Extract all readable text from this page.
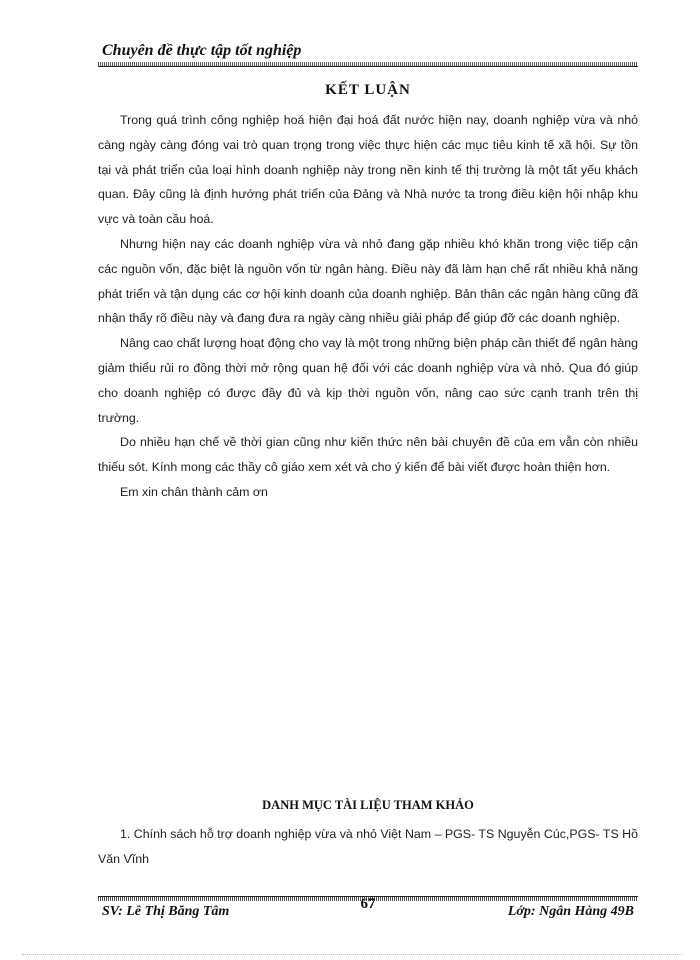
Chuyên đề thực tập tốt nghiệp
KẾT LUẬN

Trong quá trình công nghiệp hoá hiện đại hoá đất nước hiện nay, doanh nghiệp vừa và nhỏ càng ngày càng đóng vai trò quan trọng trong việc thực hiện các mục tiêu kinh tế xã hội. Sự tồn tại và phát triển của loại hình doanh nghiệp này trong nền kinh tế thị trường là một tất yếu khách quan. Đây cũng là định hướng phát triển của Đảng và Nhà nước ta trong điều kiện hội nhập khu vực và toàn cầu hoá.

Nhưng hiện nay các doanh nghiệp vừa và nhỏ đang gặp nhiều khó khăn trong việc tiếp cận các nguồn vốn, đặc biệt là nguồn vốn từ ngân hàng. Điều này đã làm hạn chế rất nhiều khả năng phát triển và tận dụng các cơ hội kinh doanh của doanh nghiệp. Bản thân các ngân hàng cũng đã nhận thấy rõ điều này và đang đưa ra ngày càng nhiều giải pháp để giúp đỡ các doanh nghiệp.

Nâng cao chất lượng hoạt động cho vay là một trong những biện pháp cần thiết để ngân hàng giảm thiểu rủi ro đồng thời mở rộng quan hệ đối với các doanh nghiệp vừa và nhỏ. Qua đó giúp cho doanh nghiệp có được đầy đủ và kịp thời nguồn vốn, nâng cao sức cạnh tranh trên thị trường.

Do nhiều hạn chế về thời gian cũng như kiến thức nên bài chuyên đề của em vẫn còn nhiều thiếu sót. Kính mong các thầy cô giáo xem xét và cho ý kiến để bài viết được hoàn thiện hơn.

Em xin chân thành cảm ơn

DANH MỤC TÀI LIỆU THAM KHẢO

1. Chính sách hỗ trợ doanh nghiệp vừa và nhỏ Việt Nam – PGS- TS Nguyễn Cúc,PGS- TS Hồ Văn Vĩnh

SV: Lê Thị Băng Tâm	67	Lớp: Ngân Hàng 49B
